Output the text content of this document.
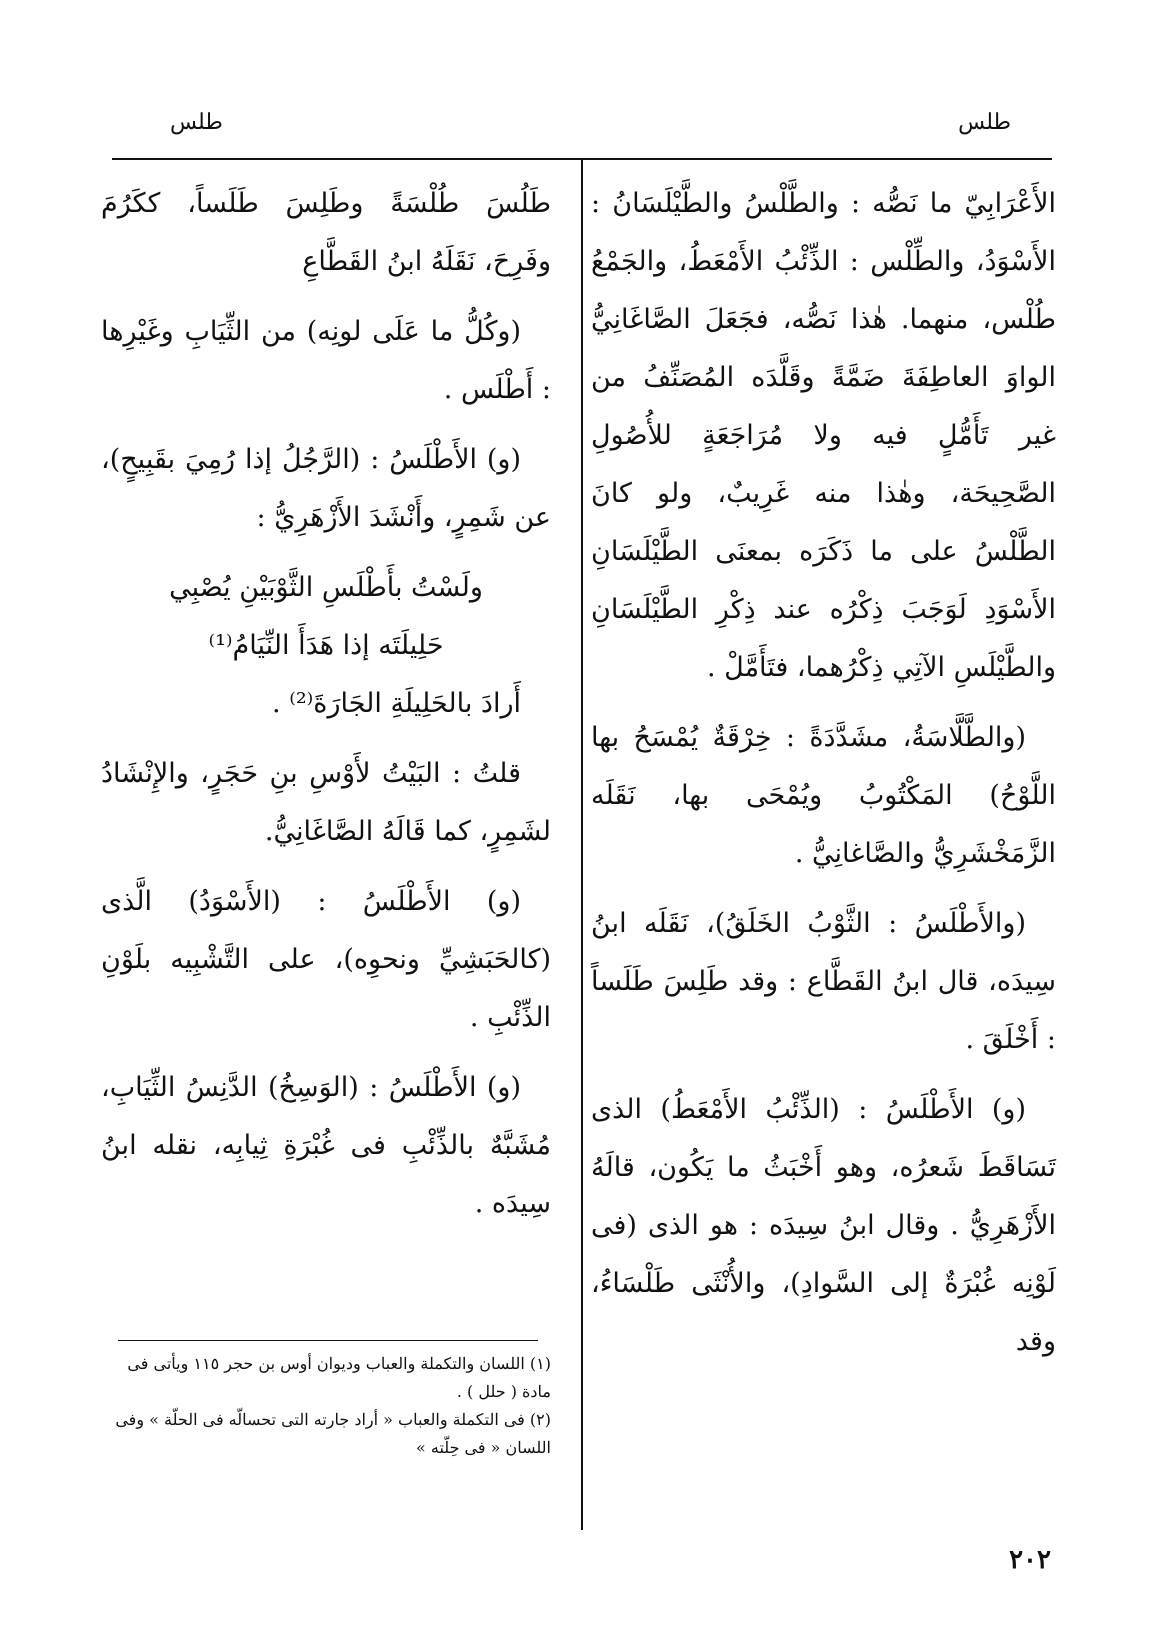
طلس
طلس

الأَعْرَابِيّ ما نَصُّه : والطَّلْسُ والطَّيْلَسَانُ : الأَسْوَدُ، والطِّلْس : الذِّئْبُ الأَمْعَطُ، والجَمْعُ طُلْس، منهما. هٰذا نَصُّه، فجَعَلَ الصَّاغَانِيُّ الواوَ العاطِفَةَ ضَمَّةً وقَلَّدَه المُصَنِّفُ من غير تَأَمُّلٍ فيه ولا مُرَاجَعَةٍ للأُصُولِ الصَّحِيحَة، وهٰذا منه غَرِيبٌ، ولو كانَ الطَّلْسُ على ما ذَكَرَه بمعنَى الطَّيْلَسَانِ الأَسْوَدِ لَوَجَبَ ذِكْرُه عند ذِكْرِ الطَّيْلَسَانِ والطَّيْلَسِ الآتِي ذِكْرُهما، فتَأَمَّلْ .

(والطَّلَّاسَةُ، مشَدَّدَةً : خِرْقَةٌ يُمْسَحُ بها اللَّوْحُ) المَكْتُوبُ ويُمْحَى بها، نَقَلَه الزَّمَخْشَرِيُّ والصَّاغانِيُّ .

(والأَطْلَسُ : الثَّوْبُ الخَلَقُ)، نَقَلَه ابنُ سِيدَه، قال ابنُ القَطَّاع : وقد طَلِسَ طَلَساً : أَخْلَقَ .

(و) الأَطْلَسُ : (الذِّئْبُ الأَمْعَطُ) الذى تَسَاقَطَ شَعرُه، وهو أَخْبَثُ ما يَكُون، قالَهُ الأَزْهَرِيُّ . وقال ابنُ سِيدَه : هو الذى (فى لَوْنِه غُبْرَةٌ إلى السَّوادِ)، والأُنْثَى طَلْسَاءُ، وقد

طَلُسَ طُلْسَةً وطَلِسَ طَلَساً، ككَرُمَ وفَرِحَ، نَقَلَهُ ابنُ القَطَّاعِ

(وكُلُّ ما عَلَى لونِه) من الثِّيَابِ وغَيْرِها : أَطْلَس .

(و) الأَطْلَسُ : (الرَّجُلُ إذا رُمِيَ بقَبِيحٍ)، عن شَمِرٍ، وأَنْشَدَ الأَزْهَرِيُّ :

ولَسْتُ بأَطْلَسِ الثَّوْبَيْنِ يُصْبِي

حَلِيلَتَه إذا هَدَأَ النِّيَامُ⁽¹⁾

أَرادَ بالحَلِيلَةِ الجَارَةَ⁽²⁾ .

قلتُ : البَيْتُ لأَوْسِ بنِ حَجَرٍ، والإِنْشَادُ لشَمِرٍ، كما قَالَهُ الصَّاغَانِيُّ.

(و) الأَطْلَسُ : (الأَسْوَدُ) الَّذى (كالحَبَشِيِّ ونحوِه)، على التَّشْبِيه بلَوْنِ الذِّئْبِ .

(و) الأَطْلَسُ : (الوَسِخُ) الدَّنِسُ الثِّيَابِ، مُشَبَّهٌ بالذِّئْبِ فى غُبْرَةِ ثِيابِه، نقله ابنُ سِيدَه .

(١) اللسان والتكملة والعباب وديوان أوس بن حجر ١١٥ ويأتى فى مادة ( حلل ) .

(٢) فى التكملة والعباب « أراد جارته التى تحسالّه فى الحلّة » وفى اللسان « فى حِلّته »

٢٠٢
